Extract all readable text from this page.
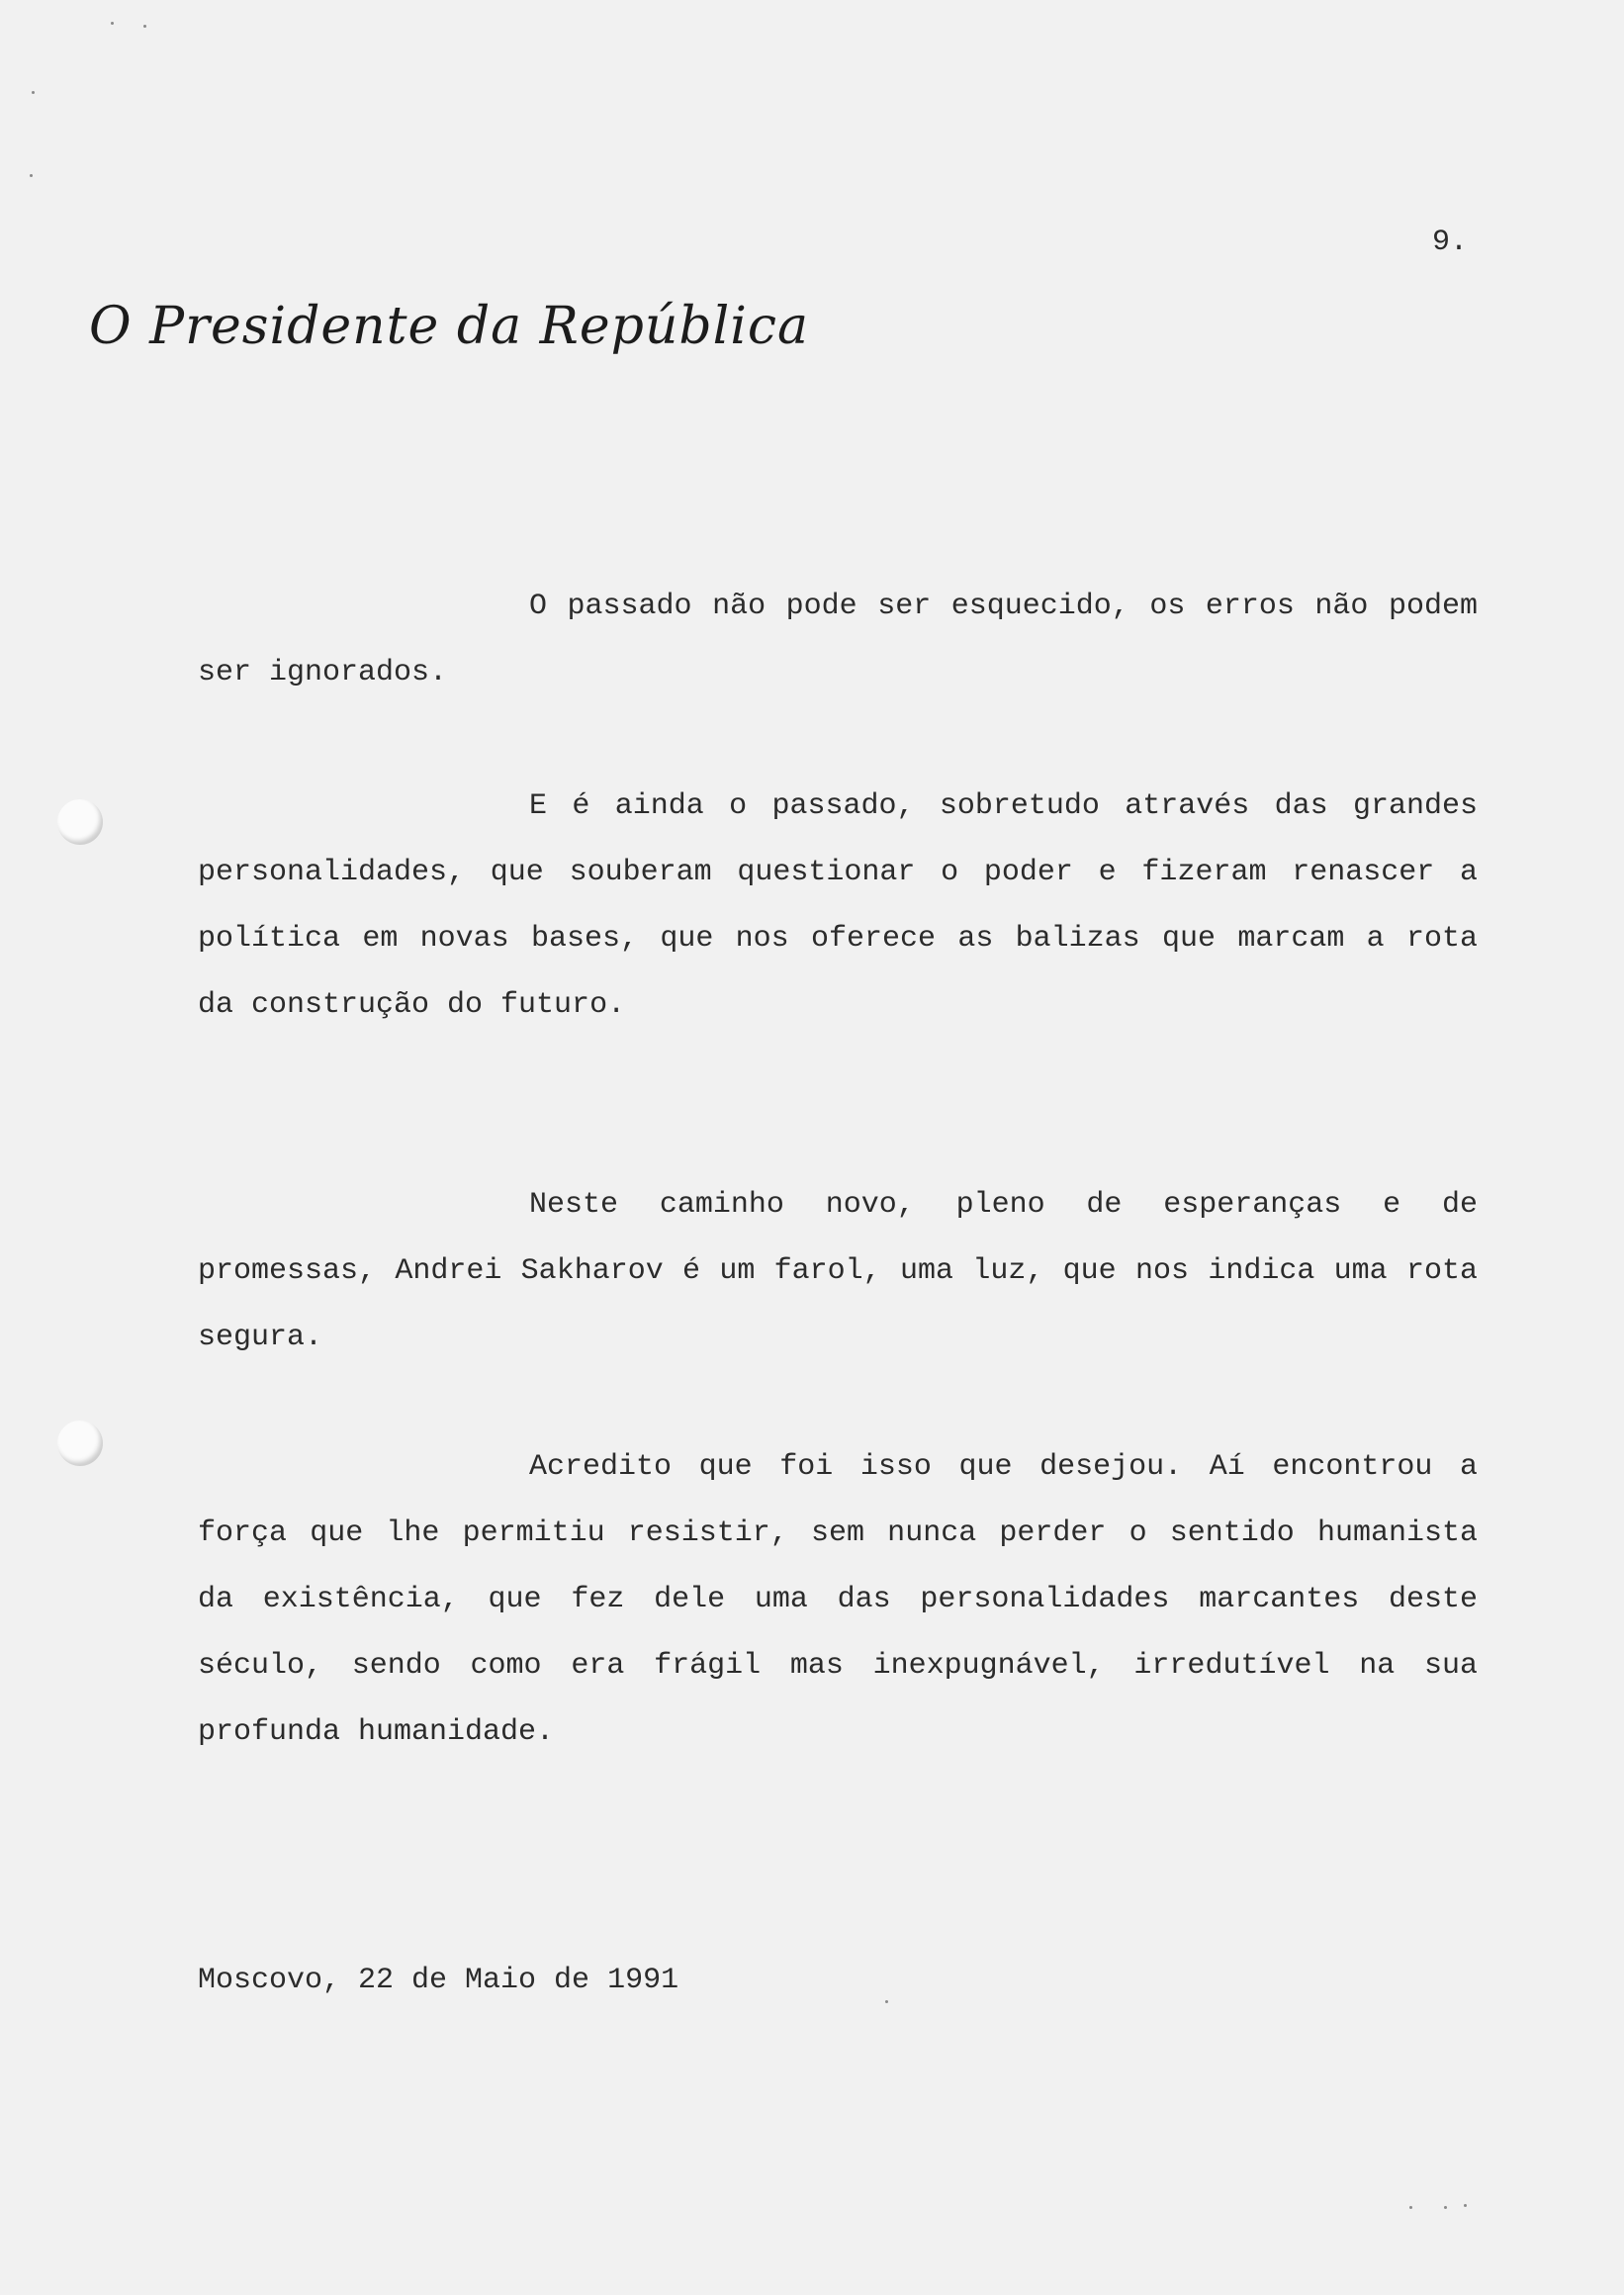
9.
O Presidente da República

O passado não pode ser esquecido, os erros não podem ser ignorados.

E é ainda o passado, sobretudo através das grandes personalidades, que souberam questionar o poder e fizeram renascer a política em novas bases, que nos oferece as balizas que marcam a rota da construção do futuro.

Neste caminho novo, pleno de esperanças e de promessas, Andrei Sakharov é um farol, uma luz, que nos indica uma rota segura.

Acredito que foi isso que desejou. Aí encontrou a força que lhe permitiu resistir, sem nunca perder o sentido humanista da existência, que fez dele uma das personalidades marcantes deste século, sendo como era frágil mas inexpugnável, irredutível na sua profunda humanidade.

Moscovo, 22 de Maio de 1991
